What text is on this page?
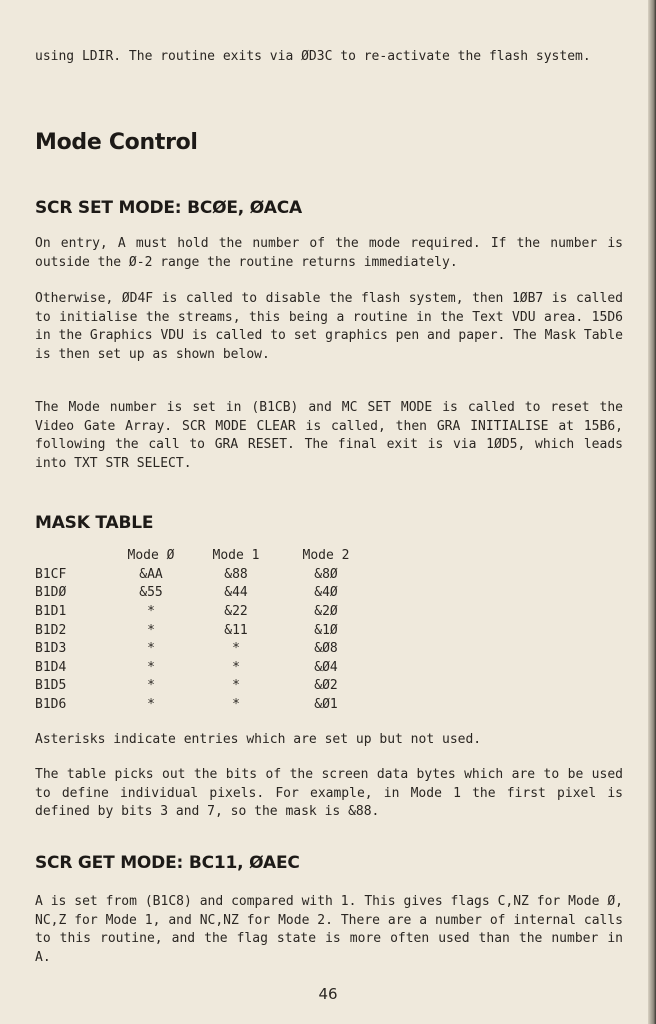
using LDIR. The routine exits via ØD3C to re-activate the flash system.

Mode Control
SCR SET MODE: BCØE, ØACA

On entry, A must hold the number of the mode required. If the number is outside the Ø-2 range the routine returns immediately.

Otherwise, ØD4F is called to disable the flash system, then 1ØB7 is called to initialise the streams, this being a routine in the Text VDU area. 15D6 in the Graphics VDU is called to set graphics pen and paper. The Mask Table is then set up as shown below.

The Mode number is set in (B1CB) and MC SET MODE is called to reset the Video Gate Array. SCR MODE CLEAR is called, then GRA INITIALISE at 15B6, following the call to GRA RESET. The final exit is via 1ØD5, which leads into TXT STR SELECT.

MASK TABLE
	Mode Ø	Mode 1	Mode 2
B1CF	&AA	&88	&8Ø
B1DØ	&55	&44	&4Ø
B1D1	*	&22	&2Ø
B1D2	*	&11	&1Ø
B1D3	*	*	&Ø8
B1D4	*	*	&Ø4
B1D5	*	*	&Ø2
B1D6	*	*	&Ø1

Asterisks indicate entries which are set up but not used.

The table picks out the bits of the screen data bytes which are to be used to define individual pixels. For example, in Mode 1 the first pixel is defined by bits 3 and 7, so the mask is &88.

SCR GET MODE: BC11, ØAEC

A is set from (B1C8) and compared with 1. This gives flags C,NZ for Mode Ø, NC,Z for Mode 1, and NC,NZ for Mode 2. There are a number of internal calls to this routine, and the flag state is more often used than the number in A.

46
